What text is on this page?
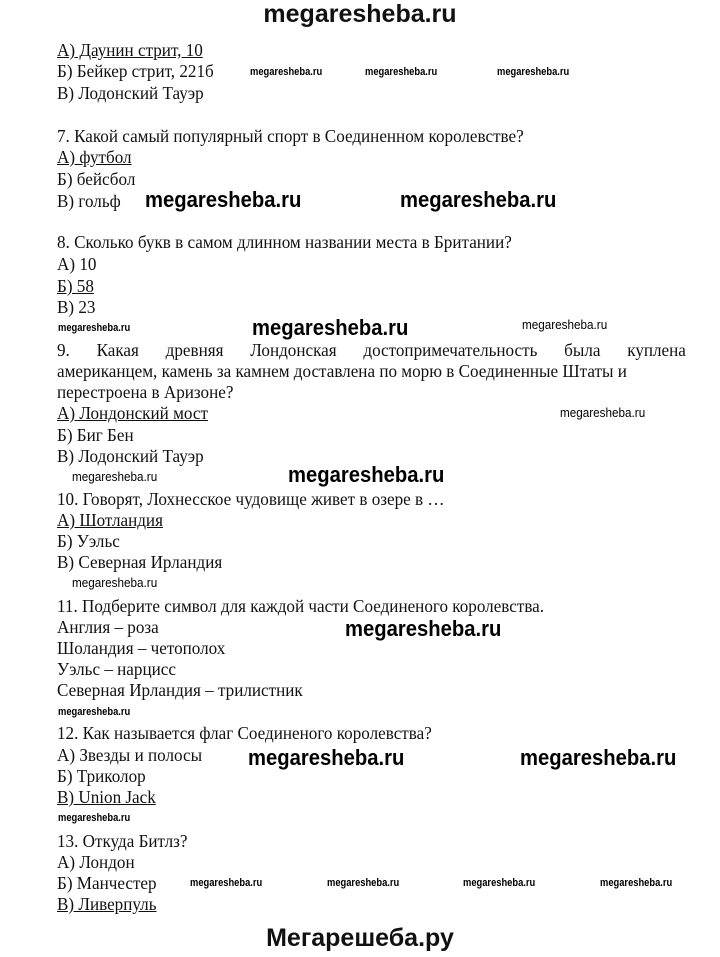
megaresheba.ru
А) Даунин стрит, 10
Б) Бейкер стрит, 221б
В) Лодонский Тауэр
7. Какой самый популярный спорт в Соединенном королевстве?
А) футбол
Б) бейсбол
В) гольф
8. Сколько букв в самом длинном названии места в Британии?
А) 10
Б) 58
В) 23
9. Какая древняя Лондонская достопримечательность была куплена
американцем, камень за камнем доставлена по морю в Соединенные Штаты и
перестроена в Аризоне?
А) Лондонский мост
Б) Биг Бен
В) Лодонский Тауэр
10. Говорят, Лохнесское чудовище живет в озере в …
А) Шотландия
Б) Уэльс
В) Северная Ирландия
11. Подберите символ для каждой части Соединеного королевства.
Англия – роза
Шоландия – четополох
Уэльс – нарцисс
Северная Ирландия – трилистник
12. Как называется флаг Соединеного королевства?
А) Звезды и полосы
Б) Триколор
В) Union Jack
13. Откуда Битлз?
А) Лондон
Б) Манчестер
В) Ливерпуль
megaresheba.ru	megaresheba.ru	megaresheba.ru
megaresheba.ru	megaresheba.ru
megaresheba.ru	megaresheba.ru
megaresheba.ru
megaresheba.ru
megaresheba.ru
megaresheba.ru
megaresheba.ru
megaresheba.ru
megaresheba.ru
megaresheba.ru	megaresheba.ru
megaresheba.ru
megaresheba.ru	megaresheba.ru	megaresheba.ru	megaresheba.ru
Мегарешеба.ру
